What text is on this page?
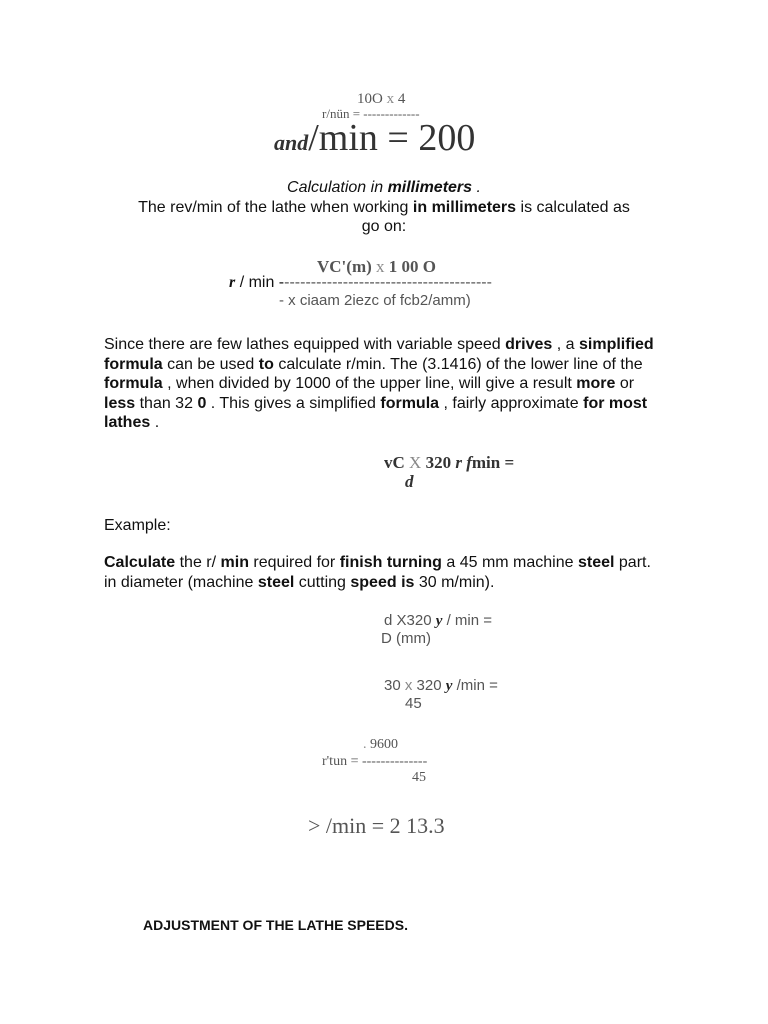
10O x 4
r/nün = -------------
and/min = 200
Calculation in millimeters .
The rev/min of the lathe when working in millimeters is calculated as
go on:
VC'(m) x 1 00 O
r / min ----------------------------------------
- x ciaam 2iezc of fcb2/amm)

Since there are few lathes equipped with variable speed drives , a simplified formula can be used to calculate r/min. The (3.1416) of the lower line of the formula , when divided by 1000 of the upper line, will give a result more or less than 32 0 . This gives a simplified formula , fairly approximate for most lathes .

vC X 320 r fmin =
d
Example:

Calculate the r/ min required for finish turning a 45 mm machine steel part. in diameter (machine steel cutting speed is 30 m/min).

d X320 y / min =
D (mm)
30 x 320 y /min =
45
. 9600
r'tun = --------------
45
> /min = 2 13.3
ADJUSTMENT OF THE LATHE SPEEDS.
